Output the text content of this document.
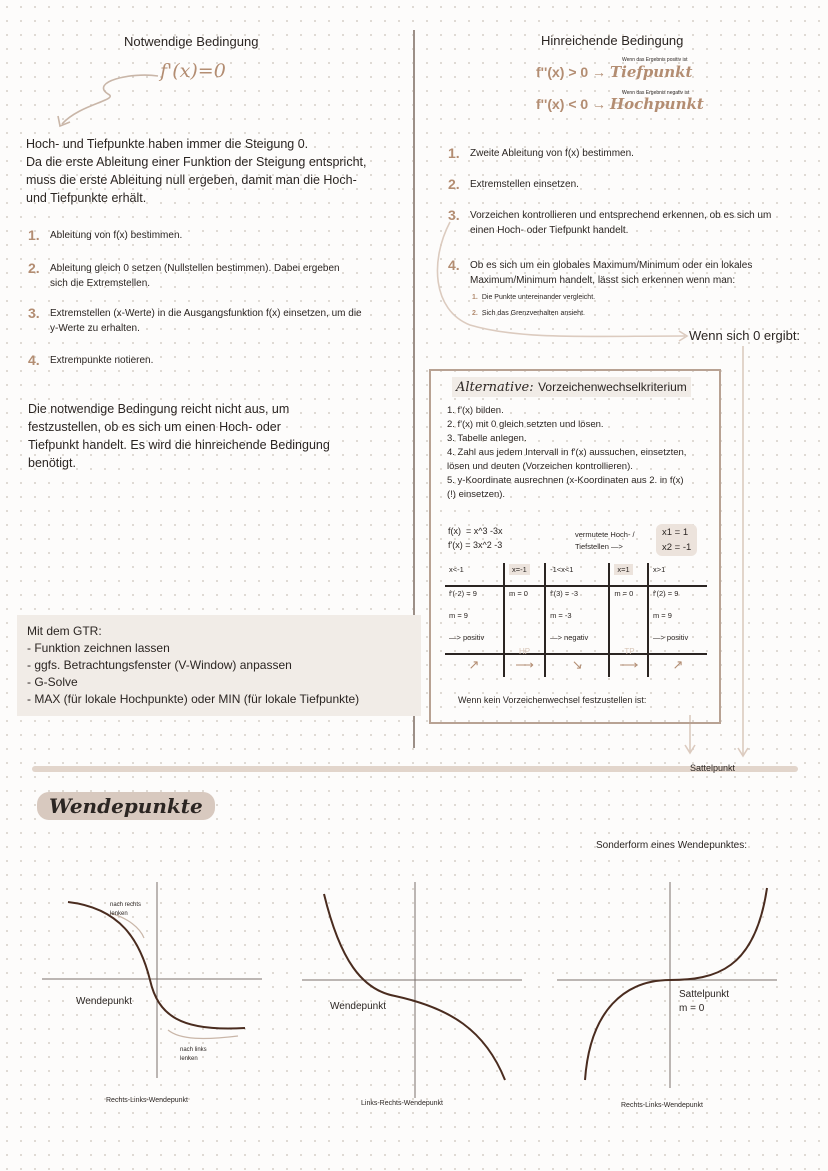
Notwendige Bedingung
f'(x)=0
Hoch- und Tiefpunkte haben immer die Steigung 0.
Da die erste Ableitung einer Funktion der Steigung entspricht,
muss die erste Ableitung null ergeben, damit man die Hoch-
und Tiefpunkte erhält.
1. Ableitung von f(x) bestimmen.
2. Ableitung gleich 0 setzen (Nullstellen bestimmen). Dabei ergeben
sich die Extremstellen.
3. Extremstellen (x-Werte) in die Ausgangsfunktion f(x) einsetzen, um die
y-Werte zu erhalten.
4. Extrempunkte notieren.
Die notwendige Bedingung reicht nicht aus, um
festzustellen, ob es sich um einen Hoch- oder
Tiefpunkt handelt. Es wird die hinreichende Bedingung
benötigt.
Mit dem GTR:
- Funktion zeichnen lassen
- ggfs. Betrachtungsfenster (V-Window) anpassen
- G-Solve
- MAX (für lokale Hochpunkte) oder MIN (für lokale Tiefpunkte)
Hinreichende Bedingung
Wenn das Ergebnis positiv ist
f''(x) > 0 → Tiefpunkt
Wenn das Ergebnis negativ ist
f''(x) < 0 → Hochpunkt
1. Zweite Ableitung von f(x) bestimmen.
2. Extremstellen einsetzen.
3. Vorzeichen kontrollieren und entsprechend erkennen, ob es sich um
einen Hoch- oder Tiefpunkt handelt.
4. Ob es sich um ein globales Maximum/Minimum oder ein lokales
Maximum/Minimum handelt, lässt sich erkennen wenn man:
1. Die Punkte untereinander vergleicht.
2. Sich das Grenzverhalten ansieht.
Wenn sich 0 ergibt:
Alternative: Vorzeichenwechselkriterium
1. f'(x) bilden.
2. f'(x) mit 0 gleich setzten und lösen.
3. Tabelle anlegen.
4. Zahl aus jedem Intervall in f'(x) aussuchen, einsetzten,
lösen und deuten (Vorzeichen kontrollieren).
5. y-Koordinate ausrechnen (x-Koordinaten aus 2. in f(x)
(!) einsetzen).
f(x)  = x^3 -3x
f'(x) = 3x^2 -3
vermutete Hoch- /
Tiefstellen —>
x1 = 1
x2 = -1
x<-1	x=-1	-1<x<1	x=1	x>1
f'(-2) = 9	m = 0	f'(3) = -3	m = 0	f'(2) = 9
m = 9		m = -3		m = 9
—> positiv	HP	—> negativ	TP	—> positiv
↗	⟶	↘	⟶	↗
Wenn kein Vorzeichenwechsel festzustellen ist:
Sattelpunkt
Wendepunkte
Sonderform eines Wendepunktes:
nach rechts
lenken
Wendepunkt
nach links
lenken
Rechts-Links-Wendepunkt
Wendepunkt
Links-Rechts-Wendepunkt
Sattelpunkt
m = 0
Rechts-Links-Wendepunkt
